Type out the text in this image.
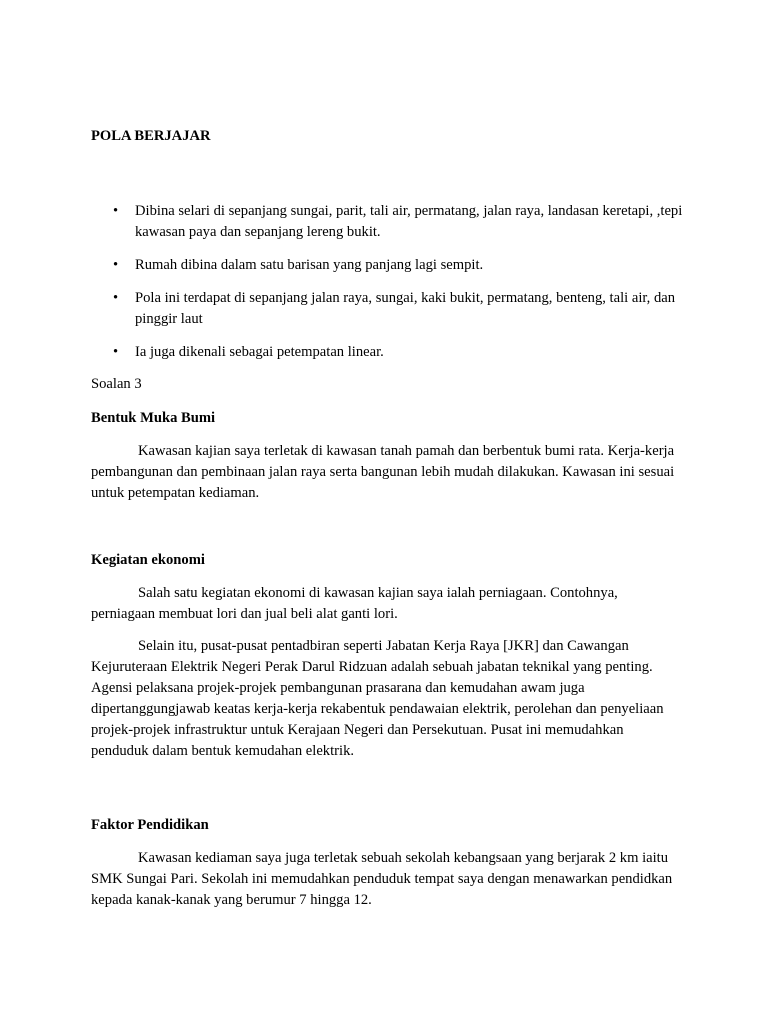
POLA BERJAJAR

• Dibina selari di sepanjang sungai, parit, tali air, permatang, jalan raya, landasan keretapi, ,tepi kawasan paya dan sepanjang lereng bukit.
• Rumah dibina dalam satu barisan yang panjang lagi sempit.
• Pola ini terdapat di sepanjang jalan raya, sungai, kaki bukit, permatang, benteng, tali air, dan pinggir laut
• Ia juga dikenali sebagai petempatan linear.

Soalan 3

Bentuk Muka Bumi

Kawasan kajian saya terletak di kawasan tanah pamah dan berbentuk bumi rata. Kerja-kerja pembangunan dan pembinaan jalan raya serta bangunan lebih mudah dilakukan. Kawasan ini sesuai untuk petempatan kediaman.

Kegiatan ekonomi

Salah satu kegiatan ekonomi di kawasan kajian saya ialah perniagaan. Contohnya, perniagaan membuat lori dan jual beli alat ganti lori.

Selain itu, pusat-pusat pentadbiran seperti Jabatan Kerja Raya [JKR] dan Cawangan Kejuruteraan Elektrik Negeri Perak Darul Ridzuan adalah sebuah jabatan teknikal yang penting. Agensi pelaksana projek-projek pembangunan prasarana dan kemudahan awam juga dipertanggungjawab keatas kerja-kerja rekabentuk pendawaian elektrik, perolehan dan penyeliaan projek-projek infrastruktur untuk Kerajaan Negeri dan Persekutuan. Pusat ini memudahkan penduduk dalam bentuk kemudahan elektrik.

Faktor Pendidikan

Kawasan kediaman saya juga terletak sebuah sekolah kebangsaan yang berjarak 2 km iaitu SMK Sungai Pari. Sekolah ini memudahkan penduduk tempat saya dengan menawarkan pendidkan kepada kanak-kanak yang berumur 7 hingga 12.
